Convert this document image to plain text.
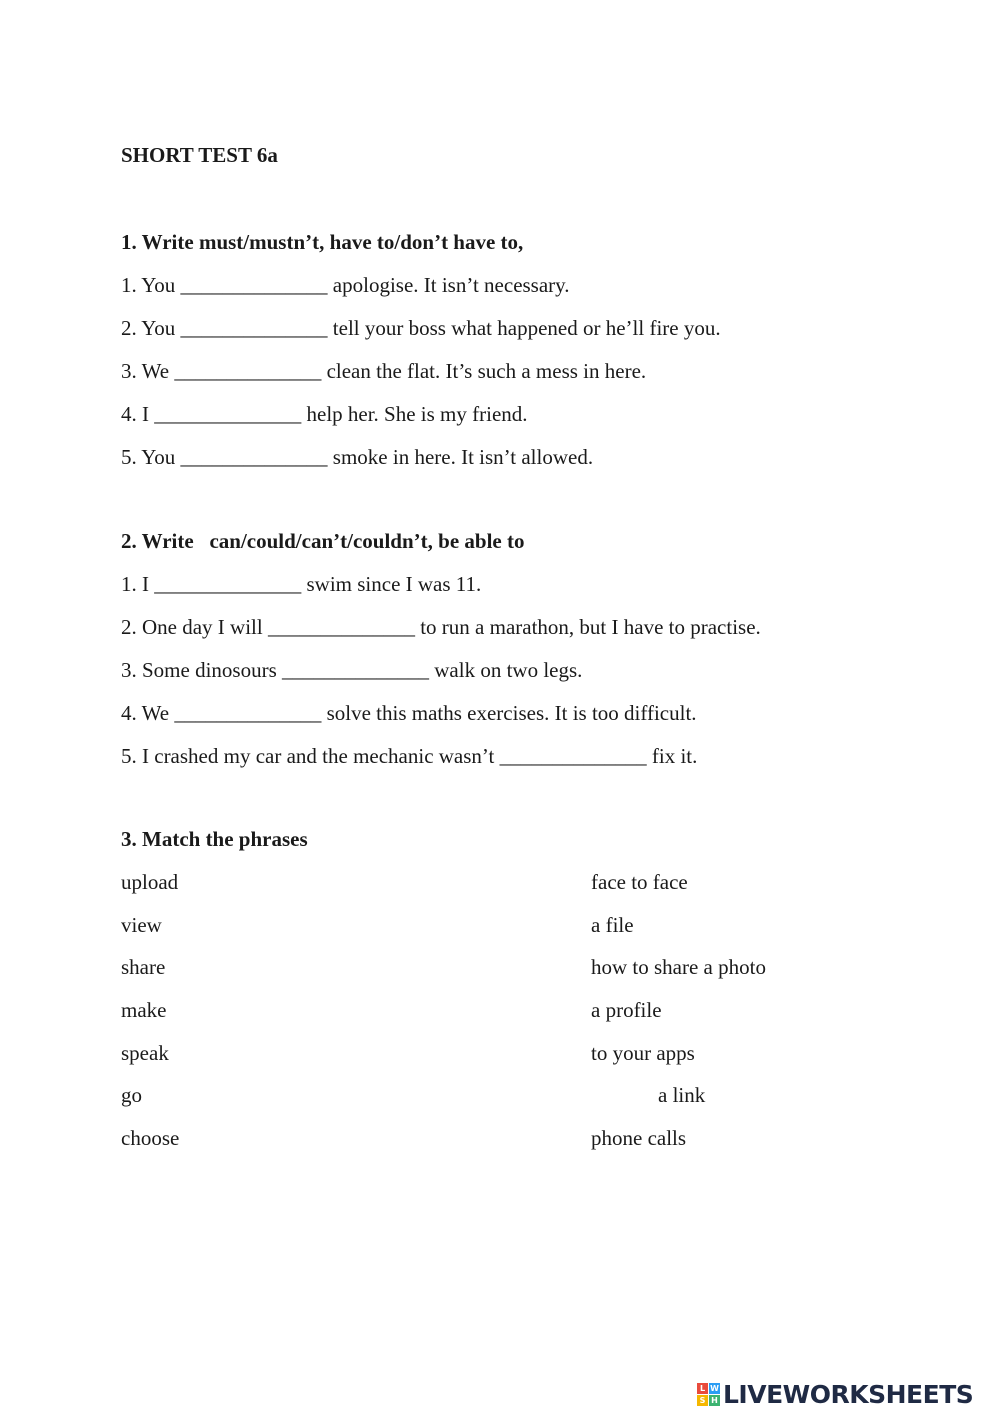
SHORT TEST 6a
1. Write must/mustn’t, have to/don’t have to,
1. You ______________ apologise. It isn’t necessary.
2. You ______________ tell your boss what happened or he’ll fire you.
3. We ______________ clean the flat. It’s such a mess in here.
4. I ______________ help her. She is my friend.
5. You ______________ smoke in here. It isn’t allowed.
2. Write   can/could/can’t/couldn’t, be able to
1. I ______________ swim since I was 11.
2. One day I will ______________ to run a marathon, but I have to practise.
3. Some dinosours ______________ walk on two legs.
4. We ______________ solve this maths exercises. It is too difficult.
5. I crashed my car and the mechanic wasn’t ______________ fix it.
3. Match the phrases
upload	face to face
view	a file
share	how to share a photo
make	a profile
speak	to your apps
go	a link
choose	phone calls
L W
S H LIVEWORKSHEETS
